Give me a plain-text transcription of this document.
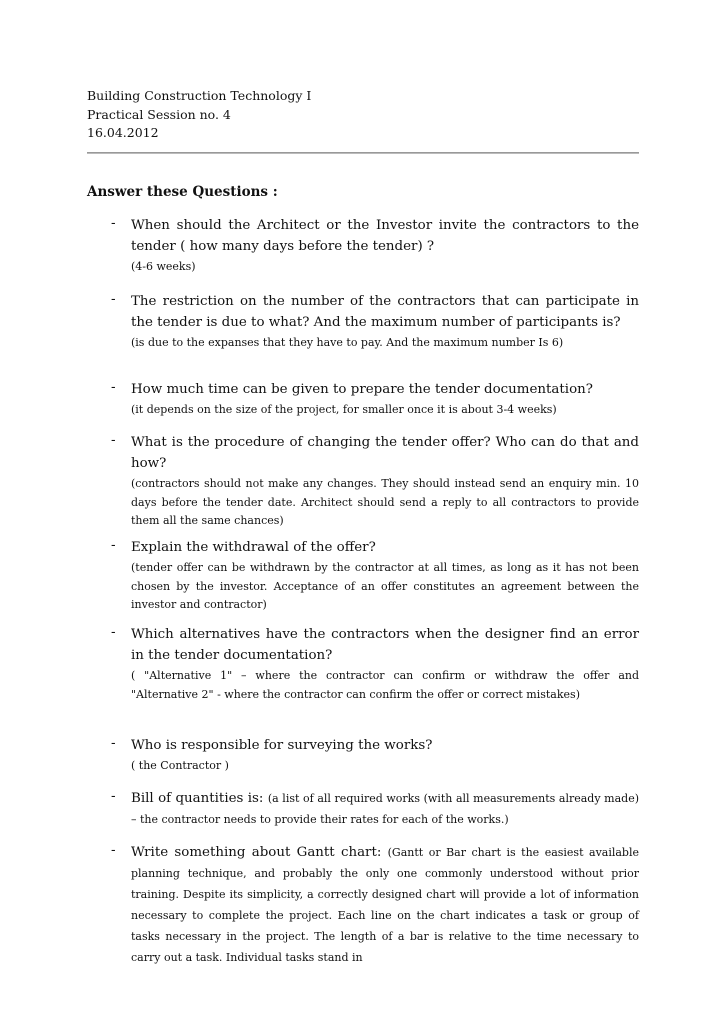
Building Construction Technology I
Practical Session no. 4
16.04.2012
Answer these Questions :
- When should the Architect or the Investor invite the contractors to the tender ( how many days before the tender) ?
(4-6 weeks)
- The restriction on the number of the contractors that can participate in the tender is due to what? And the maximum number of participants is?
(is due to the expanses that they have to pay. And the maximum number Is 6)
- How much time can be given to prepare the tender documentation?
(it depends on the size of the project, for smaller once it is about 3-4 weeks)
- What is the procedure of changing the tender offer? Who can do that and how?
(contractors should not make any changes. They should instead send an enquiry min. 10 days before the tender date. Architect should send a reply to all contractors to provide them all the same chances)
- Explain the withdrawal of the offer?
(tender offer can be withdrawn by the contractor at all times, as long as it has not been chosen by the investor. Acceptance of an offer constitutes an agreement between the investor and contractor)
- Which alternatives have the contractors when the designer find an error in the tender documentation?
( "Alternative 1" – where the contractor can confirm or withdraw the offer and "Alternative 2" - where the contractor can confirm the offer or correct mistakes)
- Who is responsible for surveying the works?
( the Contractor )
- Bill of quantities is: (a list of all required works (with all measurements already made) – the contractor needs to provide their rates for each of the works.)
- Write something about Gantt chart: (Gantt or Bar chart is the easiest available planning technique, and probably the only one commonly understood without prior training. Despite its simplicity, a correctly designed chart will provide a lot of information necessary to complete the project. Each line on the chart indicates a task or group of tasks necessary in the project. The length of a bar is relative to the time necessary to carry out a task. Individual tasks stand in
